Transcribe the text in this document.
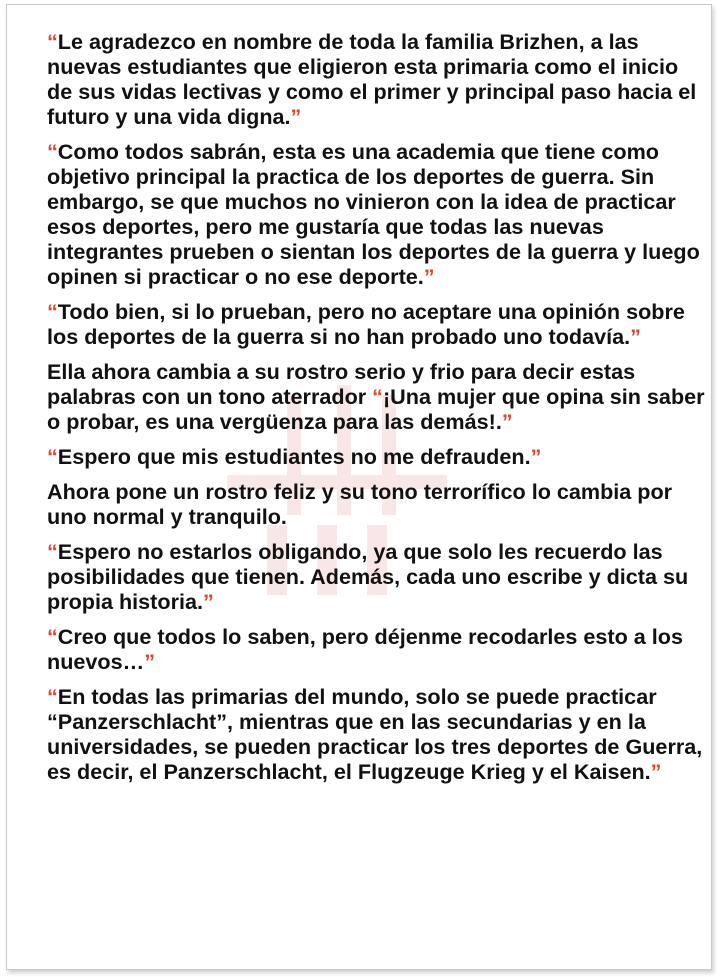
“Le agradezco en nombre de toda la familia Brizhen, a las nuevas estudiantes que eligieron esta primaria como el inicio de sus vidas lectivas y como el primer y principal paso hacia el futuro y una vida digna.”

“Como todos sabrán, esta es una academia que tiene como objetivo principal la practica de los deportes de guerra. Sin embargo, se que muchos no vinieron con la idea de practicar esos deportes, pero me gustaría que todas las nuevas integrantes prueben o sientan los deportes de la guerra y luego opinen si practicar o no ese deporte.”

“Todo bien, si lo prueban, pero no aceptare una opinión sobre los deportes de la guerra si no han probado uno todavía.”

Ella ahora cambia a su rostro serio y frio para decir estas palabras con un tono aterrador “¡Una mujer que opina sin saber o probar, es una vergüenza para las demás!.”

“Espero que mis estudiantes no me defrauden.”

Ahora pone un rostro feliz y su tono terrorífico lo cambia por uno normal y tranquilo.

“Espero no estarlos obligando, ya que solo les recuerdo las posibilidades que tienen. Además, cada uno escribe y dicta su propia historia.”

“Creo que todos lo saben, pero déjenme recodarles esto a los nuevos…”

“En todas las primarias del mundo, solo se puede practicar “Panzerschlacht”, mientras que en las secundarias y en la universidades, se pueden practicar los tres deportes de Guerra, es decir, el Panzerschlacht, el Flugzeuge Krieg y el Kaisen.”
